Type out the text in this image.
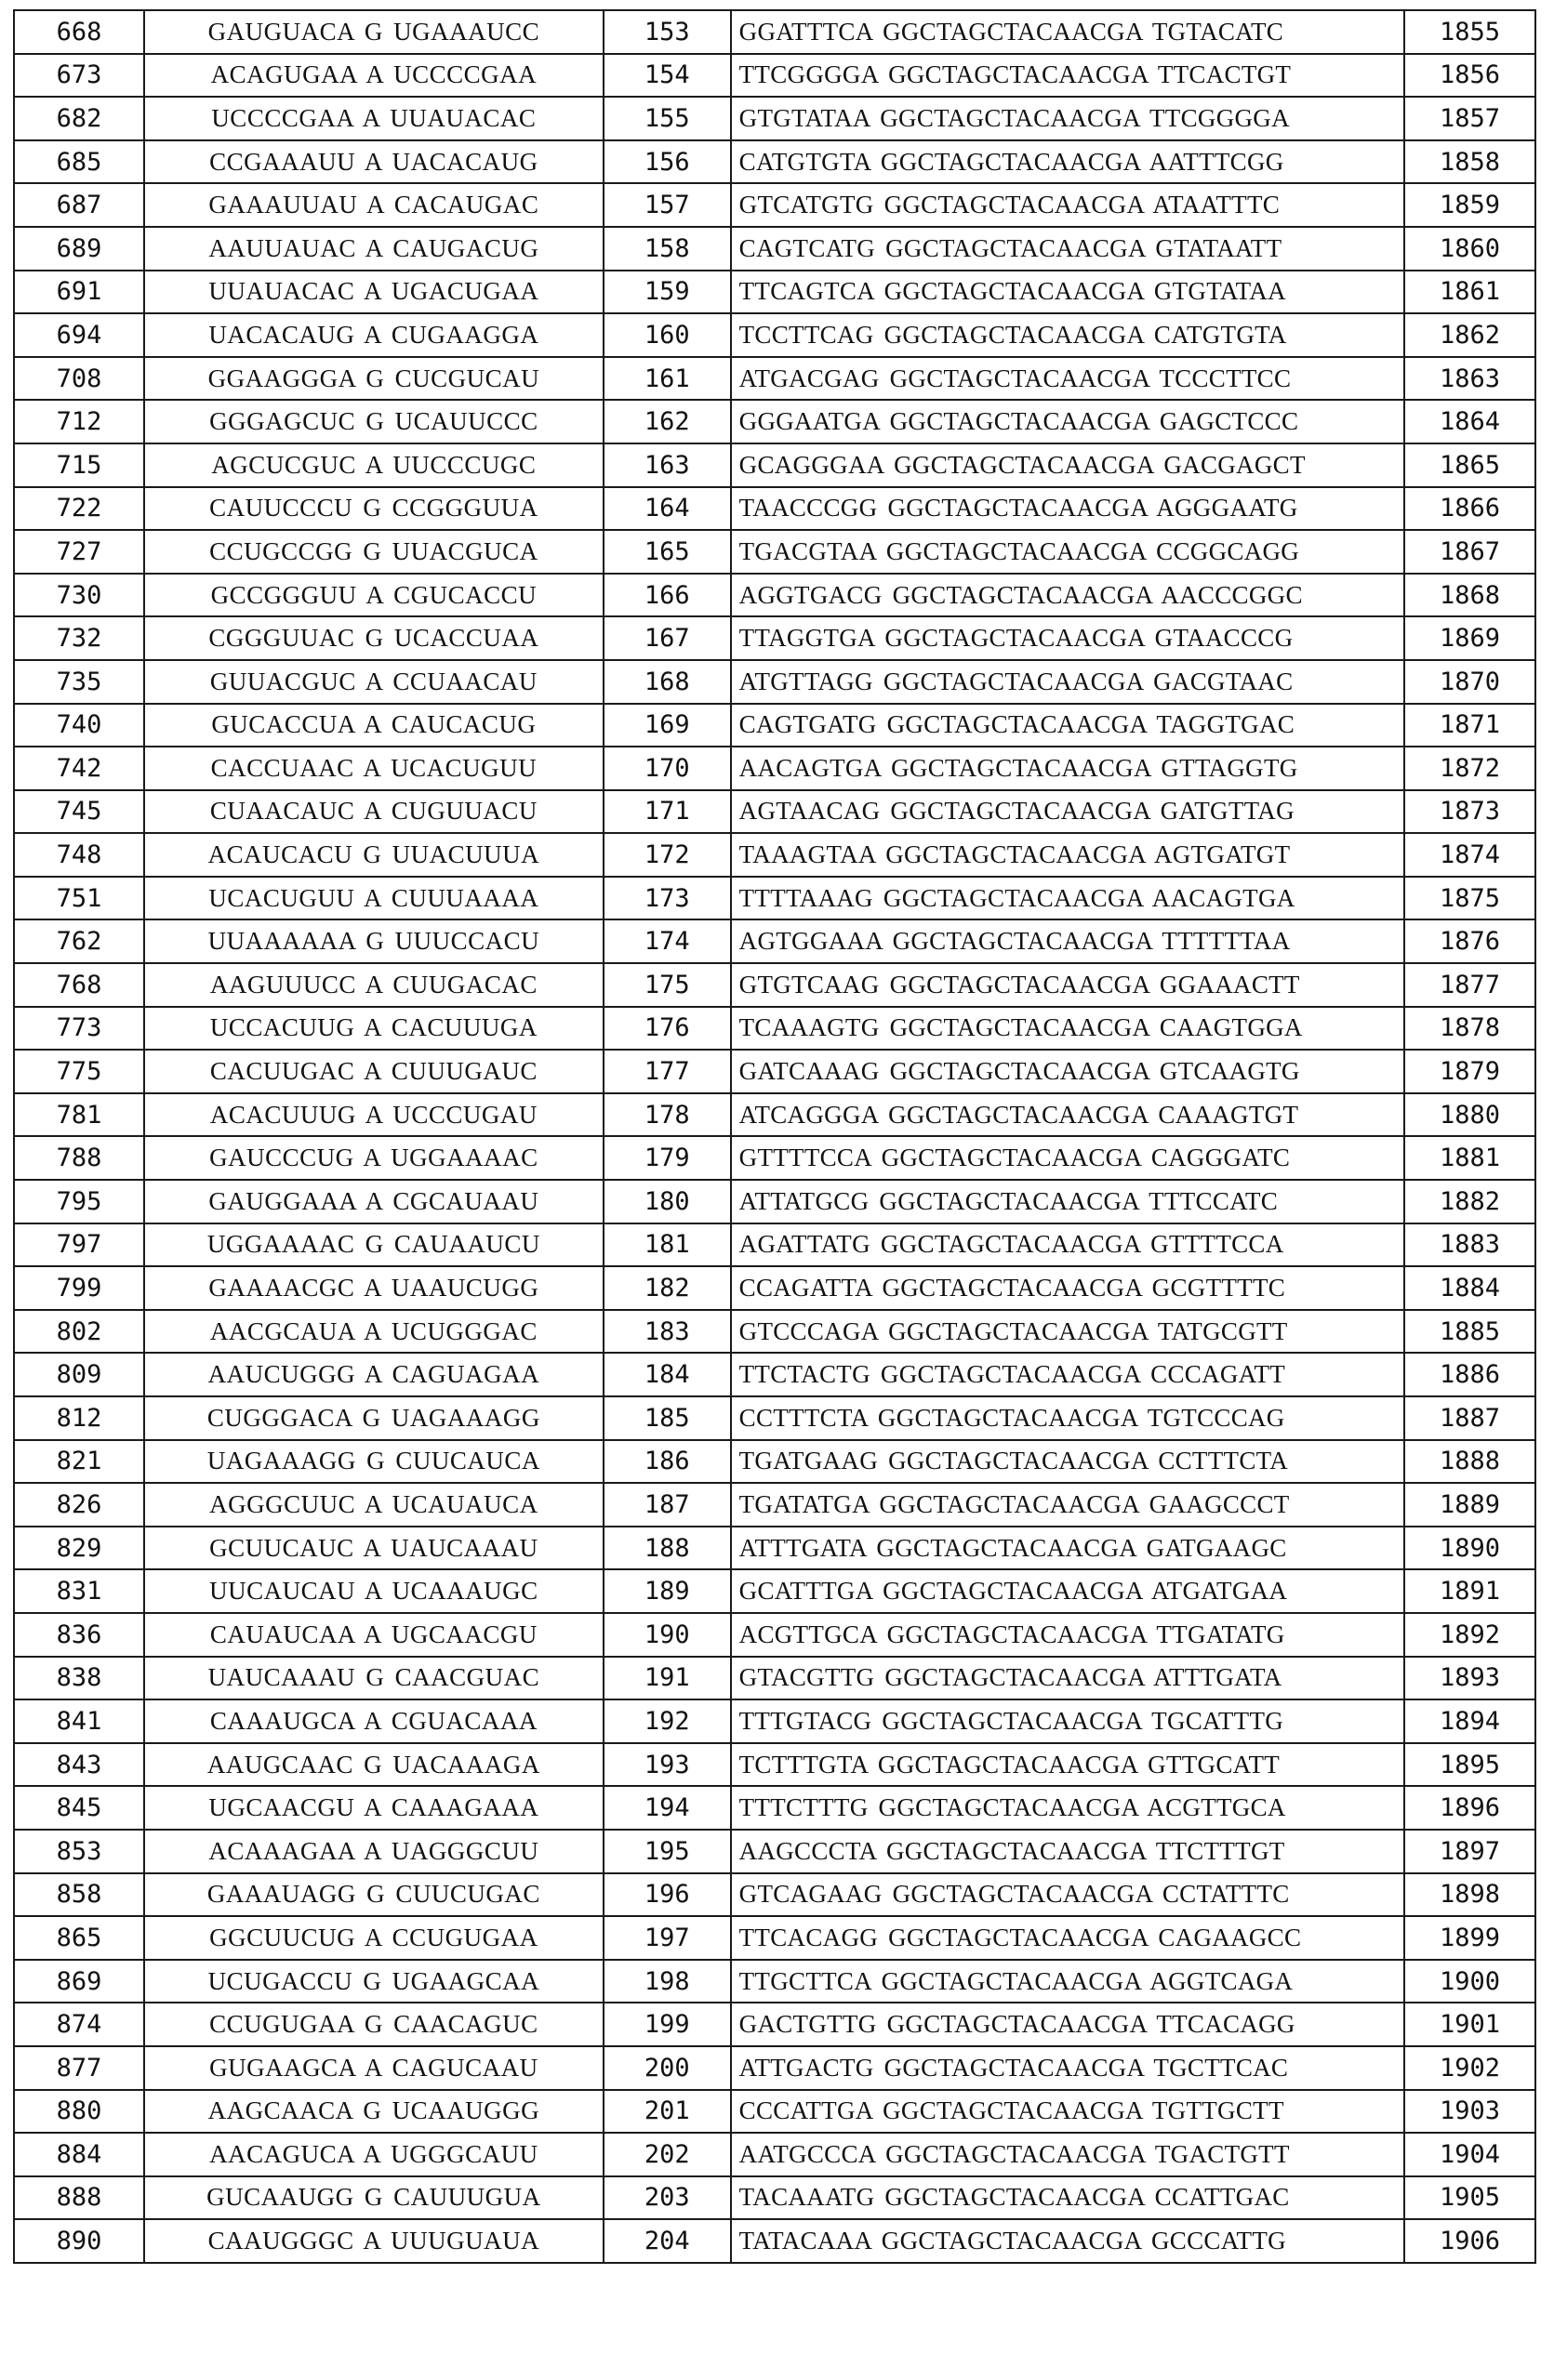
668	GAUGUACA G UGAAAUCC	153	GGATTTCA GGCTAGCTACAACGA TGTACATC	1855
673	ACAGUGAA A UCCCCGAA	154	TTCGGGGA GGCTAGCTACAACGA TTCACTGT	1856
682	UCCCCGAA A UUAUACAC	155	GTGTATAA GGCTAGCTACAACGA TTCGGGGA	1857
685	CCGAAAUU A UACACAUG	156	CATGTGTA GGCTAGCTACAACGA AATTTCGG	1858
687	GAAAUUAU A CACAUGAC	157	GTCATGTG GGCTAGCTACAACGA ATAATTTC	1859
689	AAUUAUAC A CAUGACUG	158	CAGTCATG GGCTAGCTACAACGA GTATAATT	1860
691	UUAUACAC A UGACUGAA	159	TTCAGTCA GGCTAGCTACAACGA GTGTATAA	1861
694	UACACAUG A CUGAAGGA	160	TCCTTCAG GGCTAGCTACAACGA CATGTGTA	1862
708	GGAAGGGA G CUCGUCAU	161	ATGACGAG GGCTAGCTACAACGA TCCCTTCC	1863
712	GGGAGCUC G UCAUUCCC	162	GGGAATGA GGCTAGCTACAACGA GAGCTCCC	1864
715	AGCUCGUC A UUCCCUGC	163	GCAGGGAA GGCTAGCTACAACGA GACGAGCT	1865
722	CAUUCCCU G CCGGGUUA	164	TAACCCGG GGCTAGCTACAACGA AGGGAATG	1866
727	CCUGCCGG G UUACGUCA	165	TGACGTAA GGCTAGCTACAACGA CCGGCAGG	1867
730	GCCGGGUU A CGUCACCU	166	AGGTGACG GGCTAGCTACAACGA AACCCGGC	1868
732	CGGGUUAC G UCACCUAA	167	TTAGGTGA GGCTAGCTACAACGA GTAACCCG	1869
735	GUUACGUC A CCUAACAU	168	ATGTTAGG GGCTAGCTACAACGA GACGTAAC	1870
740	GUCACCUA A CAUCACUG	169	CAGTGATG GGCTAGCTACAACGA TAGGTGAC	1871
742	CACCUAAC A UCACUGUU	170	AACAGTGA GGCTAGCTACAACGA GTTAGGTG	1872
745	CUAACAUC A CUGUUACU	171	AGTAACAG GGCTAGCTACAACGA GATGTTAG	1873
748	ACAUCACU G UUACUUUA	172	TAAAGTAA GGCTAGCTACAACGA AGTGATGT	1874
751	UCACUGUU A CUUUAAAA	173	TTTTAAAG GGCTAGCTACAACGA AACAGTGA	1875
762	UUAAAAAA G UUUCCACU	174	AGTGGAAA GGCTAGCTACAACGA TTTTTTAA	1876
768	AAGUUUCC A CUUGACAC	175	GTGTCAAG GGCTAGCTACAACGA GGAAACTT	1877
773	UCCACUUG A CACUUUGA	176	TCAAAGTG GGCTAGCTACAACGA CAAGTGGA	1878
775	CACUUGAC A CUUUGAUC	177	GATCAAAG GGCTAGCTACAACGA GTCAAGTG	1879
781	ACACUUUG A UCCCUGAU	178	ATCAGGGA GGCTAGCTACAACGA CAAAGTGT	1880
788	GAUCCCUG A UGGAAAAC	179	GTTTTCCA GGCTAGCTACAACGA CAGGGATC	1881
795	GAUGGAAA A CGCAUAAU	180	ATTATGCG GGCTAGCTACAACGA TTTCCATC	1882
797	UGGAAAAC G CAUAAUCU	181	AGATTATG GGCTAGCTACAACGA GTTTTCCA	1883
799	GAAAACGC A UAAUCUGG	182	CCAGATTA GGCTAGCTACAACGA GCGTTTTC	1884
802	AACGCAUA A UCUGGGAC	183	GTCCCAGA GGCTAGCTACAACGA TATGCGTT	1885
809	AAUCUGGG A CAGUAGAA	184	TTCTACTG GGCTAGCTACAACGA CCCAGATT	1886
812	CUGGGACA G UAGAAAGG	185	CCTTTCTA GGCTAGCTACAACGA TGTCCCAG	1887
821	UAGAAAGG G CUUCAUCA	186	TGATGAAG GGCTAGCTACAACGA CCTTTCTA	1888
826	AGGGCUUC A UCAUAUCA	187	TGATATGA GGCTAGCTACAACGA GAAGCCCT	1889
829	GCUUCAUC A UAUCAAAU	188	ATTTGATA GGCTAGCTACAACGA GATGAAGC	1890
831	UUCAUCAU A UCAAAUGC	189	GCATTTGA GGCTAGCTACAACGA ATGATGAA	1891
836	CAUAUCAA A UGCAACGU	190	ACGTTGCA GGCTAGCTACAACGA TTGATATG	1892
838	UAUCAAAU G CAACGUAC	191	GTACGTTG GGCTAGCTACAACGA ATTTGATA	1893
841	CAAAUGCA A CGUACAAA	192	TTTGTACG GGCTAGCTACAACGA TGCATTTG	1894
843	AAUGCAAC G UACAAAGA	193	TCTTTGTA GGCTAGCTACAACGA GTTGCATT	1895
845	UGCAACGU A CAAAGAAA	194	TTTCTTTG GGCTAGCTACAACGA ACGTTGCA	1896
853	ACAAAGAA A UAGGGCUU	195	AAGCCCTA GGCTAGCTACAACGA TTCTTTGT	1897
858	GAAAUAGG G CUUCUGAC	196	GTCAGAAG GGCTAGCTACAACGA CCTATTTC	1898
865	GGCUUCUG A CCUGUGAA	197	TTCACAGG GGCTAGCTACAACGA CAGAAGCC	1899
869	UCUGACCU G UGAAGCAA	198	TTGCTTCA GGCTAGCTACAACGA AGGTCAGA	1900
874	CCUGUGAA G CAACAGUC	199	GACTGTTG GGCTAGCTACAACGA TTCACAGG	1901
877	GUGAAGCA A CAGUCAAU	200	ATTGACTG GGCTAGCTACAACGA TGCTTCAC	1902
880	AAGCAACA G UCAAUGGG	201	CCCATTGA GGCTAGCTACAACGA TGTTGCTT	1903
884	AACAGUCA A UGGGCAUU	202	AATGCCCA GGCTAGCTACAACGA TGACTGTT	1904
888	GUCAAUGG G CAUUUGUA	203	TACAAATG GGCTAGCTACAACGA CCATTGAC	1905
890	CAAUGGGC A UUUGUAUA	204	TATACAAA GGCTAGCTACAACGA GCCCATTG	1906
